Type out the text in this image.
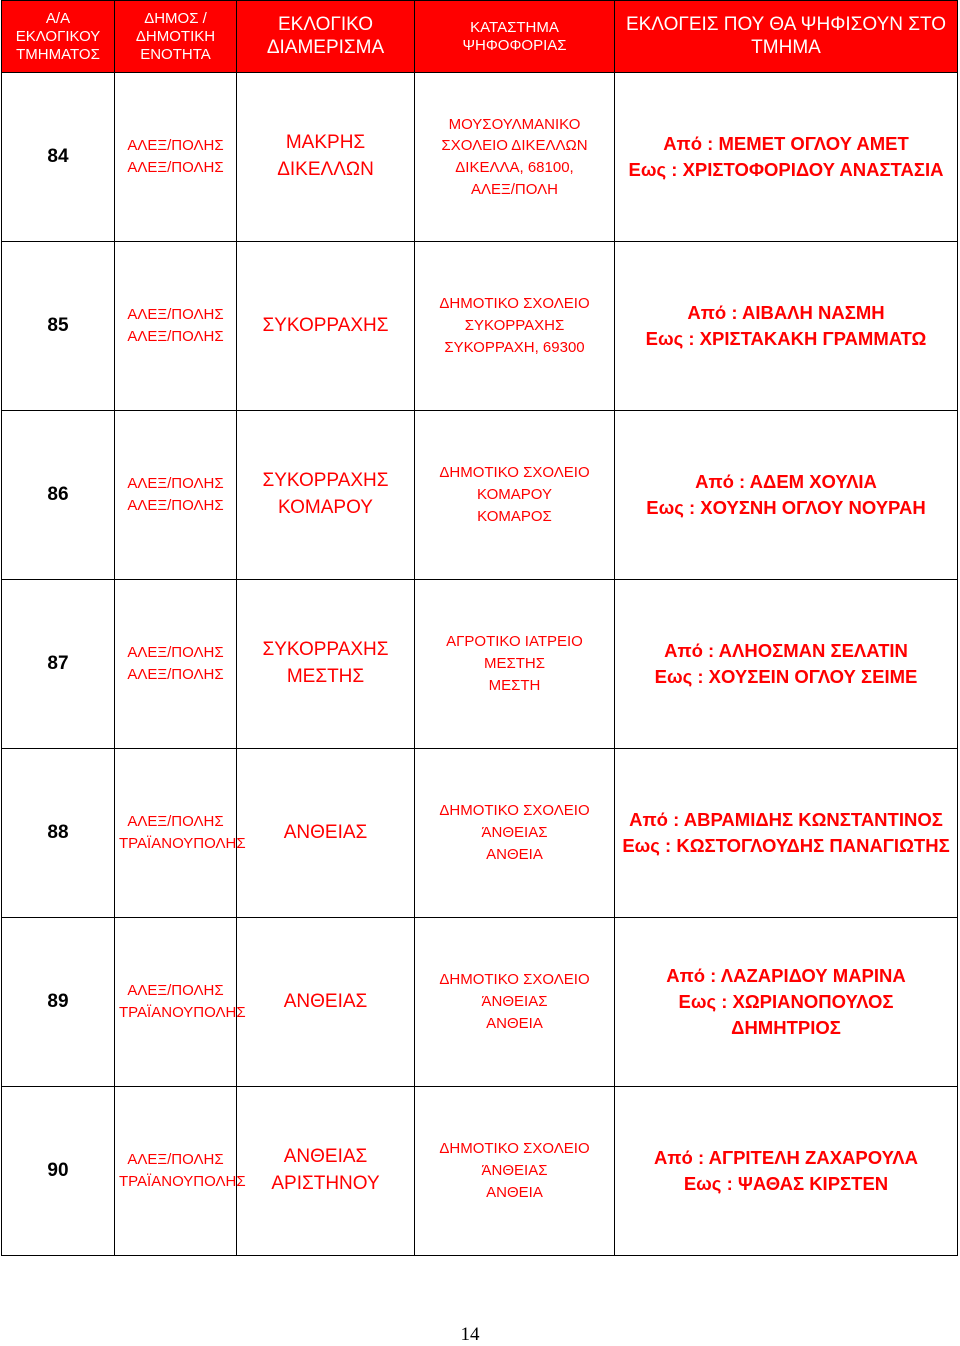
Α/Α
ΕΚΛΟΓΙΚΟΥ
ΤΜΗΜΑΤΟΣ	ΔΗΜΟΣ /
ΔΗΜΟΤΙΚΗ
ΕΝΟΤΗΤΑ	ΕΚΛΟΓΙΚΟ
ΔΙΑΜΕΡΙΣΜΑ	ΚΑΤΑΣΤΗΜΑ
ΨΗΦΟΦΟΡΙΑΣ	ΕΚΛΟΓΕΙΣ ΠΟΥ ΘΑ ΨΗΦΙΣΟΥΝ ΣΤΟ
ΤΜΗΜΑ

84	ΑΛΕΞ/ΠΟΛΗΣ
ΑΛΕΞ/ΠΟΛΗΣ	ΜΑΚΡΗΣ
ΔΙΚΕΛΛΩΝ	ΜΟΥΣΟΥΛΜΑΝΙΚΟ
ΣΧΟΛΕΙΟ ΔΙΚΕΛΛΩΝ
ΔΙΚΕΛΛΑ, 68100,
ΑΛΕΞ/ΠΟΛΗ	Από : ΜΕΜΕΤ ΟΓΛΟΥ ΑΜΕΤ
Εως : ΧΡΙΣΤΟΦΟΡΙΔΟΥ ΑΝΑΣΤΑΣΙΑ

85	ΑΛΕΞ/ΠΟΛΗΣ
ΑΛΕΞ/ΠΟΛΗΣ	ΣΥΚΟΡΡΑΧΗΣ	ΔΗΜΟΤΙΚΟ ΣΧΟΛΕΙΟ
ΣΥΚΟΡΡΑΧΗΣ
ΣΥΚΟΡΡΑΧΗ, 69300	Από : ΑΙΒΑΛΗ ΝΑΣΜΗ
Εως : ΧΡΙΣΤΑΚΑΚΗ ΓΡΑΜΜΑΤΩ

86	ΑΛΕΞ/ΠΟΛΗΣ
ΑΛΕΞ/ΠΟΛΗΣ	ΣΥΚΟΡΡΑΧΗΣ
ΚΟΜΑΡΟΥ	ΔΗΜΟΤΙΚΟ ΣΧΟΛΕΙΟ
ΚΟΜΑΡΟΥ
ΚΟΜΑΡΟΣ	Από : ΑΔΕΜ ΧΟΥΛΙΑ
Εως : ΧΟΥΣΝΗ ΟΓΛΟΥ ΝΟΥΡΑΗ

87	ΑΛΕΞ/ΠΟΛΗΣ
ΑΛΕΞ/ΠΟΛΗΣ	ΣΥΚΟΡΡΑΧΗΣ
ΜΕΣΤΗΣ	ΑΓΡΟΤΙΚΟ ΙΑΤΡΕΙΟ
ΜΕΣΤΗΣ
ΜΕΣΤΗ	Από : ΑΛΗΟΣΜΑΝ ΣΕΛΑΤΙΝ
Εως : ΧΟΥΣΕΙΝ ΟΓΛΟΥ ΣΕΙΜΕ

88	ΑΛΕΞ/ΠΟΛΗΣ
ΤΡΑΪΑΝΟΥΠΟΛΗΣ	ΑΝΘΕΙΑΣ	ΔΗΜΟΤΙΚΟ ΣΧΟΛΕΙΟ
ΆΝΘΕΙΑΣ
ΑΝΘΕΙΑ	Από : ΑΒΡΑΜΙΔΗΣ ΚΩΝΣΤΑΝΤΙΝΟΣ
Εως : ΚΩΣΤΟΓΛΟΥΔΗΣ ΠΑΝΑΓΙΩΤΗΣ

89	ΑΛΕΞ/ΠΟΛΗΣ
ΤΡΑΪΑΝΟΥΠΟΛΗΣ	ΑΝΘΕΙΑΣ	ΔΗΜΟΤΙΚΟ ΣΧΟΛΕΙΟ
ΆΝΘΕΙΑΣ
ΑΝΘΕΙΑ	Από : ΛΑΖΑΡΙΔΟΥ ΜΑΡΙΝΑ
Εως : ΧΩΡΙΑΝΟΠΟΥΛΟΣ
ΔΗΜΗΤΡΙΟΣ

90	ΑΛΕΞ/ΠΟΛΗΣ
ΤΡΑΪΑΝΟΥΠΟΛΗΣ	ΑΝΘΕΙΑΣ
ΑΡΙΣΤΗΝΟΥ	ΔΗΜΟΤΙΚΟ ΣΧΟΛΕΙΟ
ΆΝΘΕΙΑΣ
ΑΝΘΕΙΑ	Από : ΑΓΡΙΤΕΛΗ ΖΑΧΑΡΟΥΛΑ
Εως : ΨΑΘΑΣ ΚΙΡΣΤΕΝ
14
